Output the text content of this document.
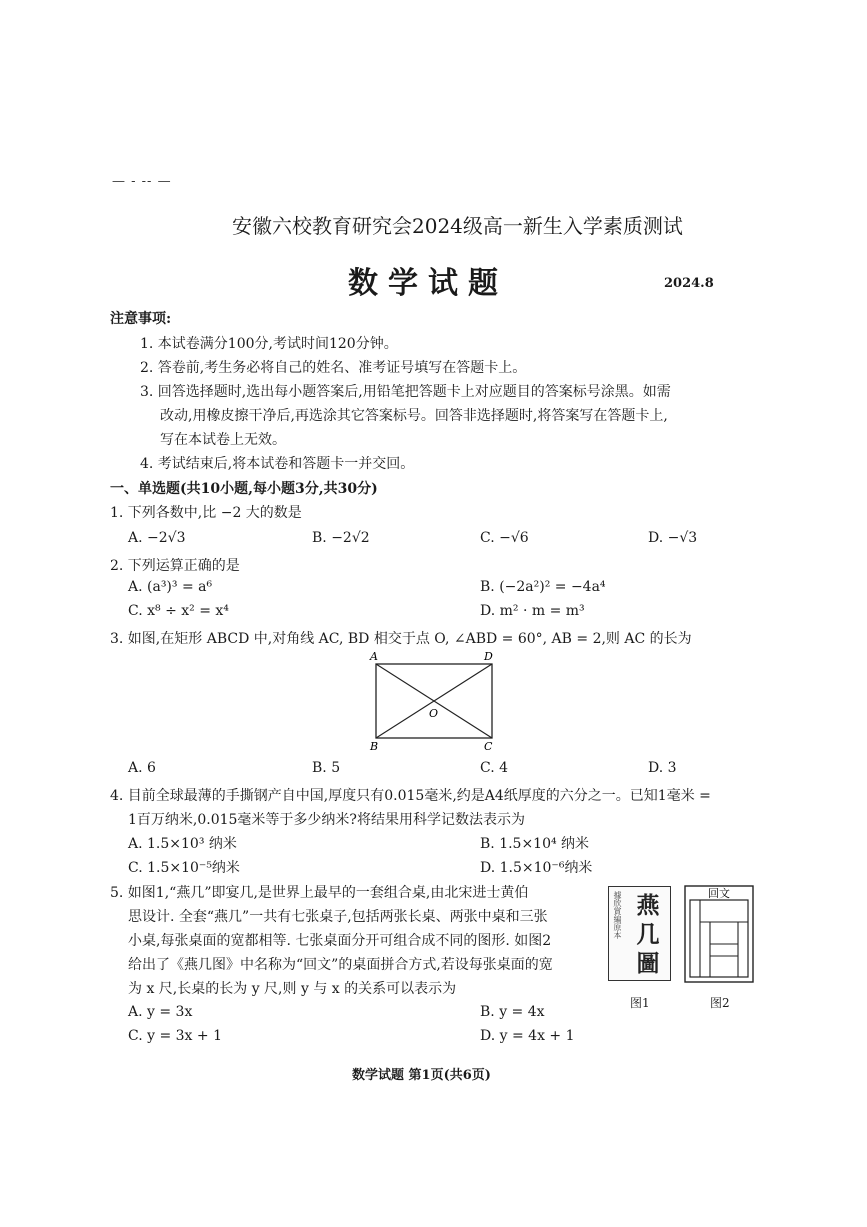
— - -- —
安徽六校教育研究会2024级高一新生入学素质测试
数学试题	2024.8
注意事项:
1. 本试卷满分100分,考试时间120分钟。
2. 答卷前,考生务必将自己的姓名、准考证号填写在答题卡上。
3. 回答选择题时,选出每小题答案后,用铅笔把答题卡上对应题目的答案标号涂黑。如需
改动,用橡皮擦干净后,再选涂其它答案标号。回答非选择题时,将答案写在答题卡上,
写在本试卷上无效。
4. 考试结束后,将本试卷和答题卡一并交回。
一、单选题(共10小题,每小题3分,共30分)
1. 下列各数中,比 −2 大的数是
A. −2√3	B. −2√2	C. −√6	D. −√3
2. 下列运算正确的是
A. (a³)³ = a⁶	B. (−2a²)² = −4a⁴
C. x⁸ ÷ x² = x⁴	D. m² · m = m³
3. 如图,在矩形 ABCD 中,对角线 AC, BD 相交于点 O, ∠ABD = 60°, AB = 2,则 AC 的长为
A	D
B	C
O
A. 6	B. 5	C. 4	D. 3
4. 目前全球最薄的手撕钢产自中国,厚度只有0.015毫米,约是A4纸厚度的六分之一。已知1毫米 =
1百万纳米,0.015毫米等于多少纳米?将结果用科学记数法表示为
A. 1.5×10³ 纳米	B. 1.5×10⁴ 纳米
C. 1.5×10⁻⁵纳米	D. 1.5×10⁻⁶纳米
5. 如图1,“燕几”即宴几,是世界上最早的一套组合桌,由北宋进士黄伯
思设计. 全套“燕几”一共有七张桌子,包括两张长桌、两张中桌和三张
小桌,每张桌面的宽都相等. 七张桌面分开可组合成不同的图形. 如图2
给出了《燕几图》中名称为“回文”的桌面拼合方式,若设每张桌面的宽
为 x 尺,长桌的长为 y 尺,则 y 与 x 的关系可以表示为
據欣賞編原本 燕几圖
图1
回文
图2
A. y = 3x	B. y = 4x
C. y = 3x + 1	D. y = 4x + 1
数学试题 第1页(共6页)
